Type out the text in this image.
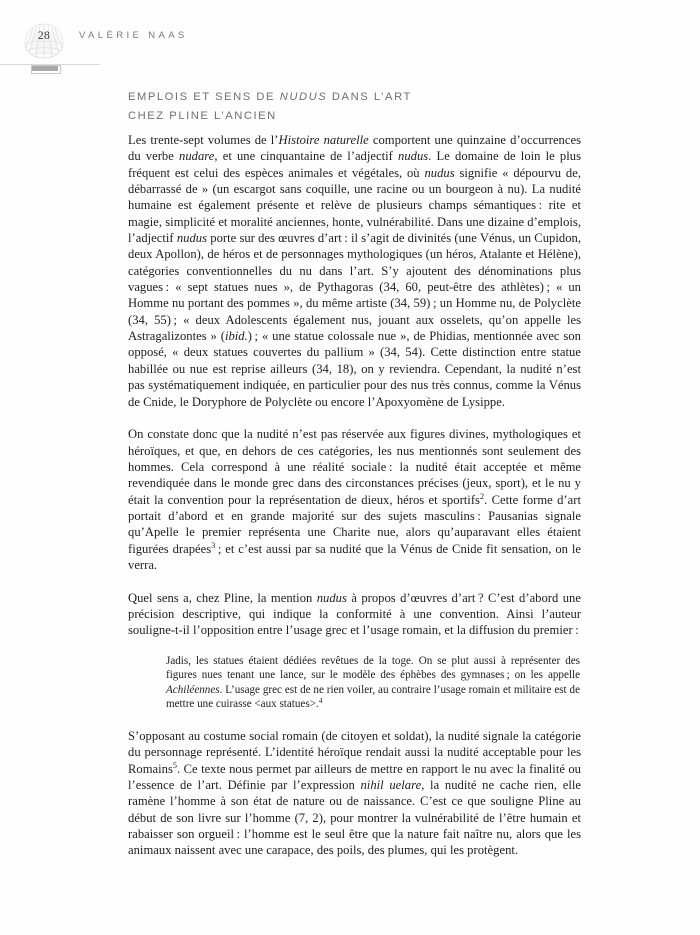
28	VALÉRIE NAAS
EMPLOIS ET SENS DE NUDUS DANS L’ART
CHEZ PLINE L’ANCIEN

Les trente-sept volumes de l’Histoire naturelle comportent une quinzaine d’occurrences du verbe nudare, et une cinquantaine de l’adjectif nudus. Le domaine de loin le plus fréquent est celui des espèces animales et végétales, où nudus signifie « dépourvu de, débarrassé de » (un escargot sans coquille, une racine ou un bourgeon à nu). La nudité humaine est également présente et relève de plusieurs champs sémantiques : rite et magie, simplicité et moralité anciennes, honte, vulnérabilité. Dans une dizaine d’emplois, l’adjectif nudus porte sur des œuvres d’art : il s’agit de divinités (une Vénus, un Cupidon, deux Apollon), de héros et de personnages mythologiques (un héros, Atalante et Hélène), catégories conventionnelles du nu dans l’art. S’y ajoutent des dénominations plus vagues : « sept statues nues », de Pythagoras (34, 60, peut-être des athlètes) ; « un Homme nu portant des pommes », du même artiste (34, 59) ; un Homme nu, de Polyclète (34, 55) ; « deux Adolescents également nus, jouant aux osselets, qu’on appelle les Astragalizontes » (ibid.) ; « une statue colossale nue », de Phidias, mentionnée avec son opposé, « deux statues couvertes du pallium » (34, 54). Cette distinction entre statue habillée ou nue est reprise ailleurs (34, 18), on y reviendra. Cependant, la nudité n’est pas systématiquement indiquée, en particulier pour des nus très connus, comme la Vénus de Cnide, le Doryphore de Polyclète ou encore l’Apoxyomène de Lysippe.

On constate donc que la nudité n’est pas réservée aux figures divines, mythologiques et héroïques, et que, en dehors de ces catégories, les nus mentionnés sont seulement des hommes. Cela correspond à une réalité sociale : la nudité était acceptée et même revendiquée dans le monde grec dans des circonstances précises (jeux, sport), et le nu y était la convention pour la représentation de dieux, héros et sportifs$^2$. Cette forme d’art portait d’abord et en grande majorité sur des sujets masculins : Pausanias signale qu’Apelle le premier représenta une Charite nue, alors qu’auparavant elles étaient figurées drapées$^3$ ; et c’est aussi par sa nudité que la Vénus de Cnide fit sensation, on le verra.

Quel sens a, chez Pline, la mention nudus à propos d’œuvres d’art ? C’est d’abord une précision descriptive, qui indique la conformité à une convention. Ainsi l’auteur souligne-t-il l’opposition entre l’usage grec et l’usage romain, et la diffusion du premier :

Jadis, les statues étaient dédiées revêtues de la toge. On se plut aussi à représenter des figures nues tenant une lance, sur le modèle des éphèbes des gymnases ; on les appelle Achiléennes. L’usage grec est de ne rien voiler, au contraire l’usage romain et militaire est de mettre une cuirasse <aux statues>.$^4$

S’opposant au costume social romain (de citoyen et soldat), la nudité signale la catégorie du personnage représenté. L’identité héroïque rendait aussi la nudité acceptable pour les Romains$^5$. Ce texte nous permet par ailleurs de mettre en rapport le nu avec la finalité ou l’essence de l’art. Définie par l’expression nihil uelare, la nudité ne cache rien, elle ramène l’homme à son état de nature ou de naissance. C’est ce que souligne Pline au début de son livre sur l’homme (7, 2), pour montrer la vulnérabilité de l’être humain et rabaisser son orgueil : l’homme est le seul être que la nature fait naître nu, alors que les animaux naissent avec une carapace, des poils, des plumes, qui les protègent.
